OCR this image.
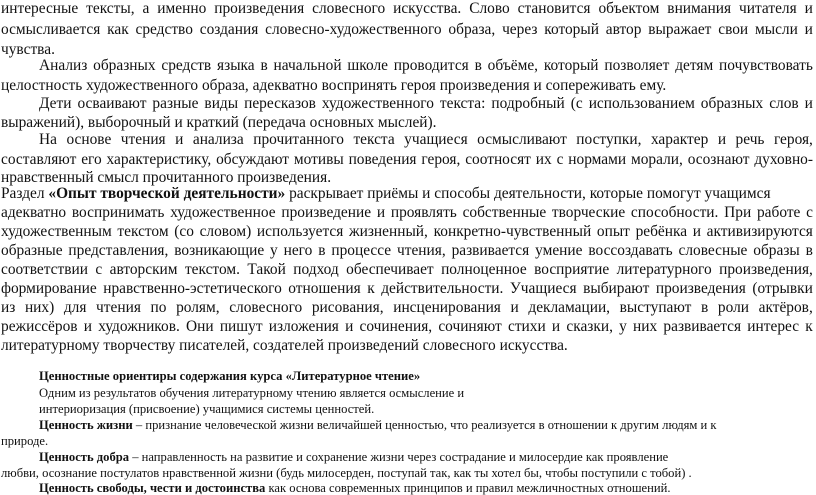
интересные тексты, а именно произведения словесного искусства. Слово становится объектом внимания читателя и
осмысливается как средство создания словесно-художественного образа, через который автор выражает свои мысли и
чувства.
Анализ образных средств языка в начальной школе проводится в объёме, который позволяет детям почувствовать
целостность художественного образа, адекватно воспринять героя произведения и сопереживать ему.
Дети осваивают разные виды пересказов художественного текста: подробный (с использованием образных слов и
выражений), выборочный и краткий (передача основных мыслей).
На основе чтения и анализа прочитанного текста учащиеся осмысливают поступки, характер и речь героя,
составляют его характеристику, обсуждают мотивы поведения героя, соотносят их с нормами морали, осознают духовно-
нравственный смысл прочитанного произведения.
Раздел «Опыт творческой деятельности» раскрывает приёмы и способы деятельности, которые помогут учащимся
адекватно воспринимать художественное произведение и проявлять собственные творческие способности. При работе с
художественным текстом (со словом) используется жизненный, конкретно-чувственный опыт ребёнка и активизируются
образные представления, возникающие у него в процессе чтения, развивается умение воссоздавать словесные образы в
соответствии с авторским текстом. Такой подход обеспечивает полноценное восприятие литературного произведения,
формирование нравственно-эстетического отношения к действительности. Учащиеся выбирают произведения (отрывки
из них) для чтения по ролям, словесного рисования, инсценирования и декламации, выступают в роли актёров,
режиссёров и художников. Они пишут изложения и сочинения, сочиняют стихи и сказки, у них развивается интерес к
литературному творчеству писателей, создателей произведений словесного искусства.
Ценностные ориентиры содержания курса «Литературное чтение»
Одним из результатов обучения литературному чтению является осмысление и
интериоризация (присвоение) учащимися системы ценностей.
Ценность жизни – признание человеческой жизни величайшей ценностью, что реализуется в отношении к другим людям и к
природе.
Ценность добра – направленность на развитие и сохранение жизни через сострадание и милосердие как проявление
любви, осознание постулатов нравственной жизни (будь милосерден, поступай так, как ты хотел бы, чтобы поступили с тобой) .
Ценность свободы, чести и достоинства как основа современных принципов и правил межличностных отношений.
